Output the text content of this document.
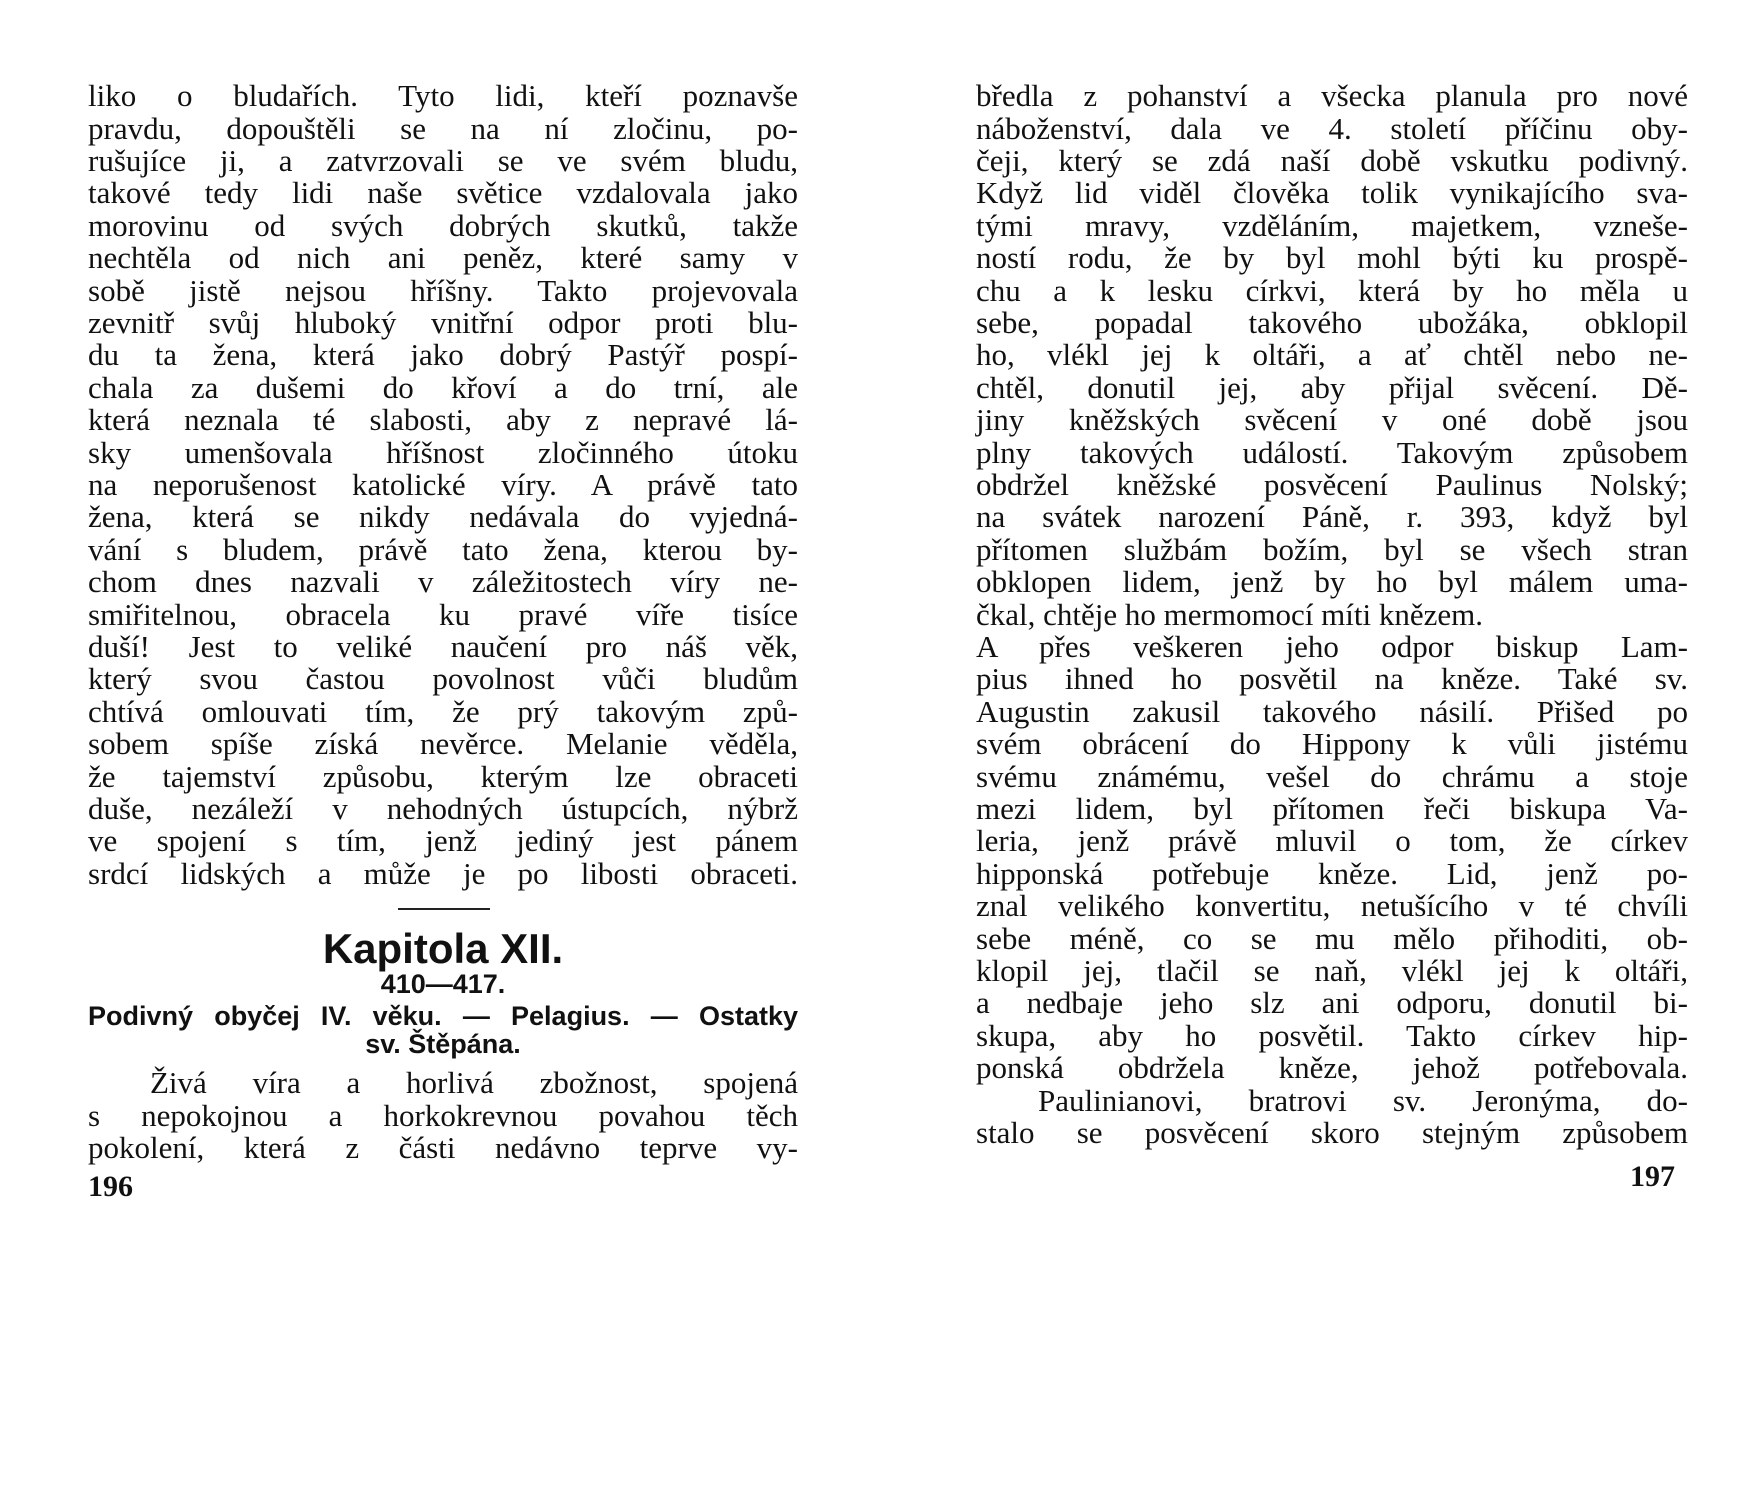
liko o bludařích. Tyto lidi, kteří poznavše
pravdu, dopouštěli se na ní zločinu, po-
rušujíce ji, a zatvrzovali se ve svém bludu,
takové tedy lidi naše světice vzdalovala jako
morovinu od svých dobrých skutků, takže
nechtěla od nich ani peněz, které samy v
sobě jistě nejsou hříšny. Takto projevovala
zevnitř svůj hluboký vnitřní odpor proti blu-
du ta žena, která jako dobrý Pastýř pospí-
chala za dušemi do křoví a do trní, ale
která neznala té slabosti, aby z nepravé lá-
sky umenšovala hříšnost zločinného útoku
na neporušenost katolické víry. A právě tato
žena, která se nikdy nedávala do vyjedná-
vání s bludem, právě tato žena, kterou by-
chom dnes nazvali v záležitostech víry ne-
smiřitelnou, obracela ku pravé víře tisíce
duší! Jest to veliké naučení pro náš věk,
který svou častou povolnost vůči bludům
chtívá omlouvati tím, že prý takovým způ-
sobem spíše získá nevěrce. Melanie věděla,
že tajemství způsobu, kterým lze obraceti
duše, nezáleží v nehodných ústupcích, nýbrž
ve spojení s tím, jenž jediný jest pánem
srdcí lidských a může je po libosti obraceti.
Kapitola XII.
410—417.
Podivný obyčej IV. věku. — Pelagius. — Ostatky
sv. Štěpána.
Živá víra a horlivá zbožnost, spojená
s nepokojnou a horkokrevnou povahou těch
pokolení, která z části nedávno teprve vy-
196
bředla z pohanství a všecka planula pro nové
náboženství, dala ve 4. století příčinu oby-
čeji, který se zdá naší době vskutku podivný.
Když lid viděl člověka tolik vynikajícího sva-
tými mravy, vzděláním, majetkem, vzneše-
ností rodu, že by byl mohl býti ku prospě-
chu a k lesku církvi, která by ho měla u
sebe, popadal takového ubožáka, obklopil
ho, vlékl jej k oltáři, a ať chtěl nebo ne-
chtěl, donutil jej, aby přijal svěcení. Dě-
jiny kněžských svěcení v oné době jsou
plny takových událostí. Takovým způsobem
obdržel kněžské posvěcení Paulinus Nolský;
na svátek narození Páně, r. 393, když byl
přítomen službám božím, byl se všech stran
obklopen lidem, jenž by ho byl málem uma-
čkal, chtěje ho mermomocí míti knězem.
A přes veškeren jeho odpor biskup Lam-
pius ihned ho posvětil na kněze. Také sv.
Augustin zakusil takového násilí. Přišed po
svém obrácení do Hippony k vůli jistému
svému známému, vešel do chrámu a stoje
mezi lidem, byl přítomen řeči biskupa Va-
leria, jenž právě mluvil o tom, že církev
hipponská potřebuje kněze. Lid, jenž po-
znal velikého konvertitu, netušícího v té chvíli
sebe méně, co se mu mělo přihoditi, ob-
klopil jej, tlačil se naň, vlékl jej k oltáři,
a nedbaje jeho slz ani odporu, donutil bi-
skupa, aby ho posvětil. Takto církev hip-
ponská obdržela kněze, jehož potřebovala.
Paulinianovi, bratrovi sv. Jeronýma, do-
stalo se posvěcení skoro stejným způsobem
197
